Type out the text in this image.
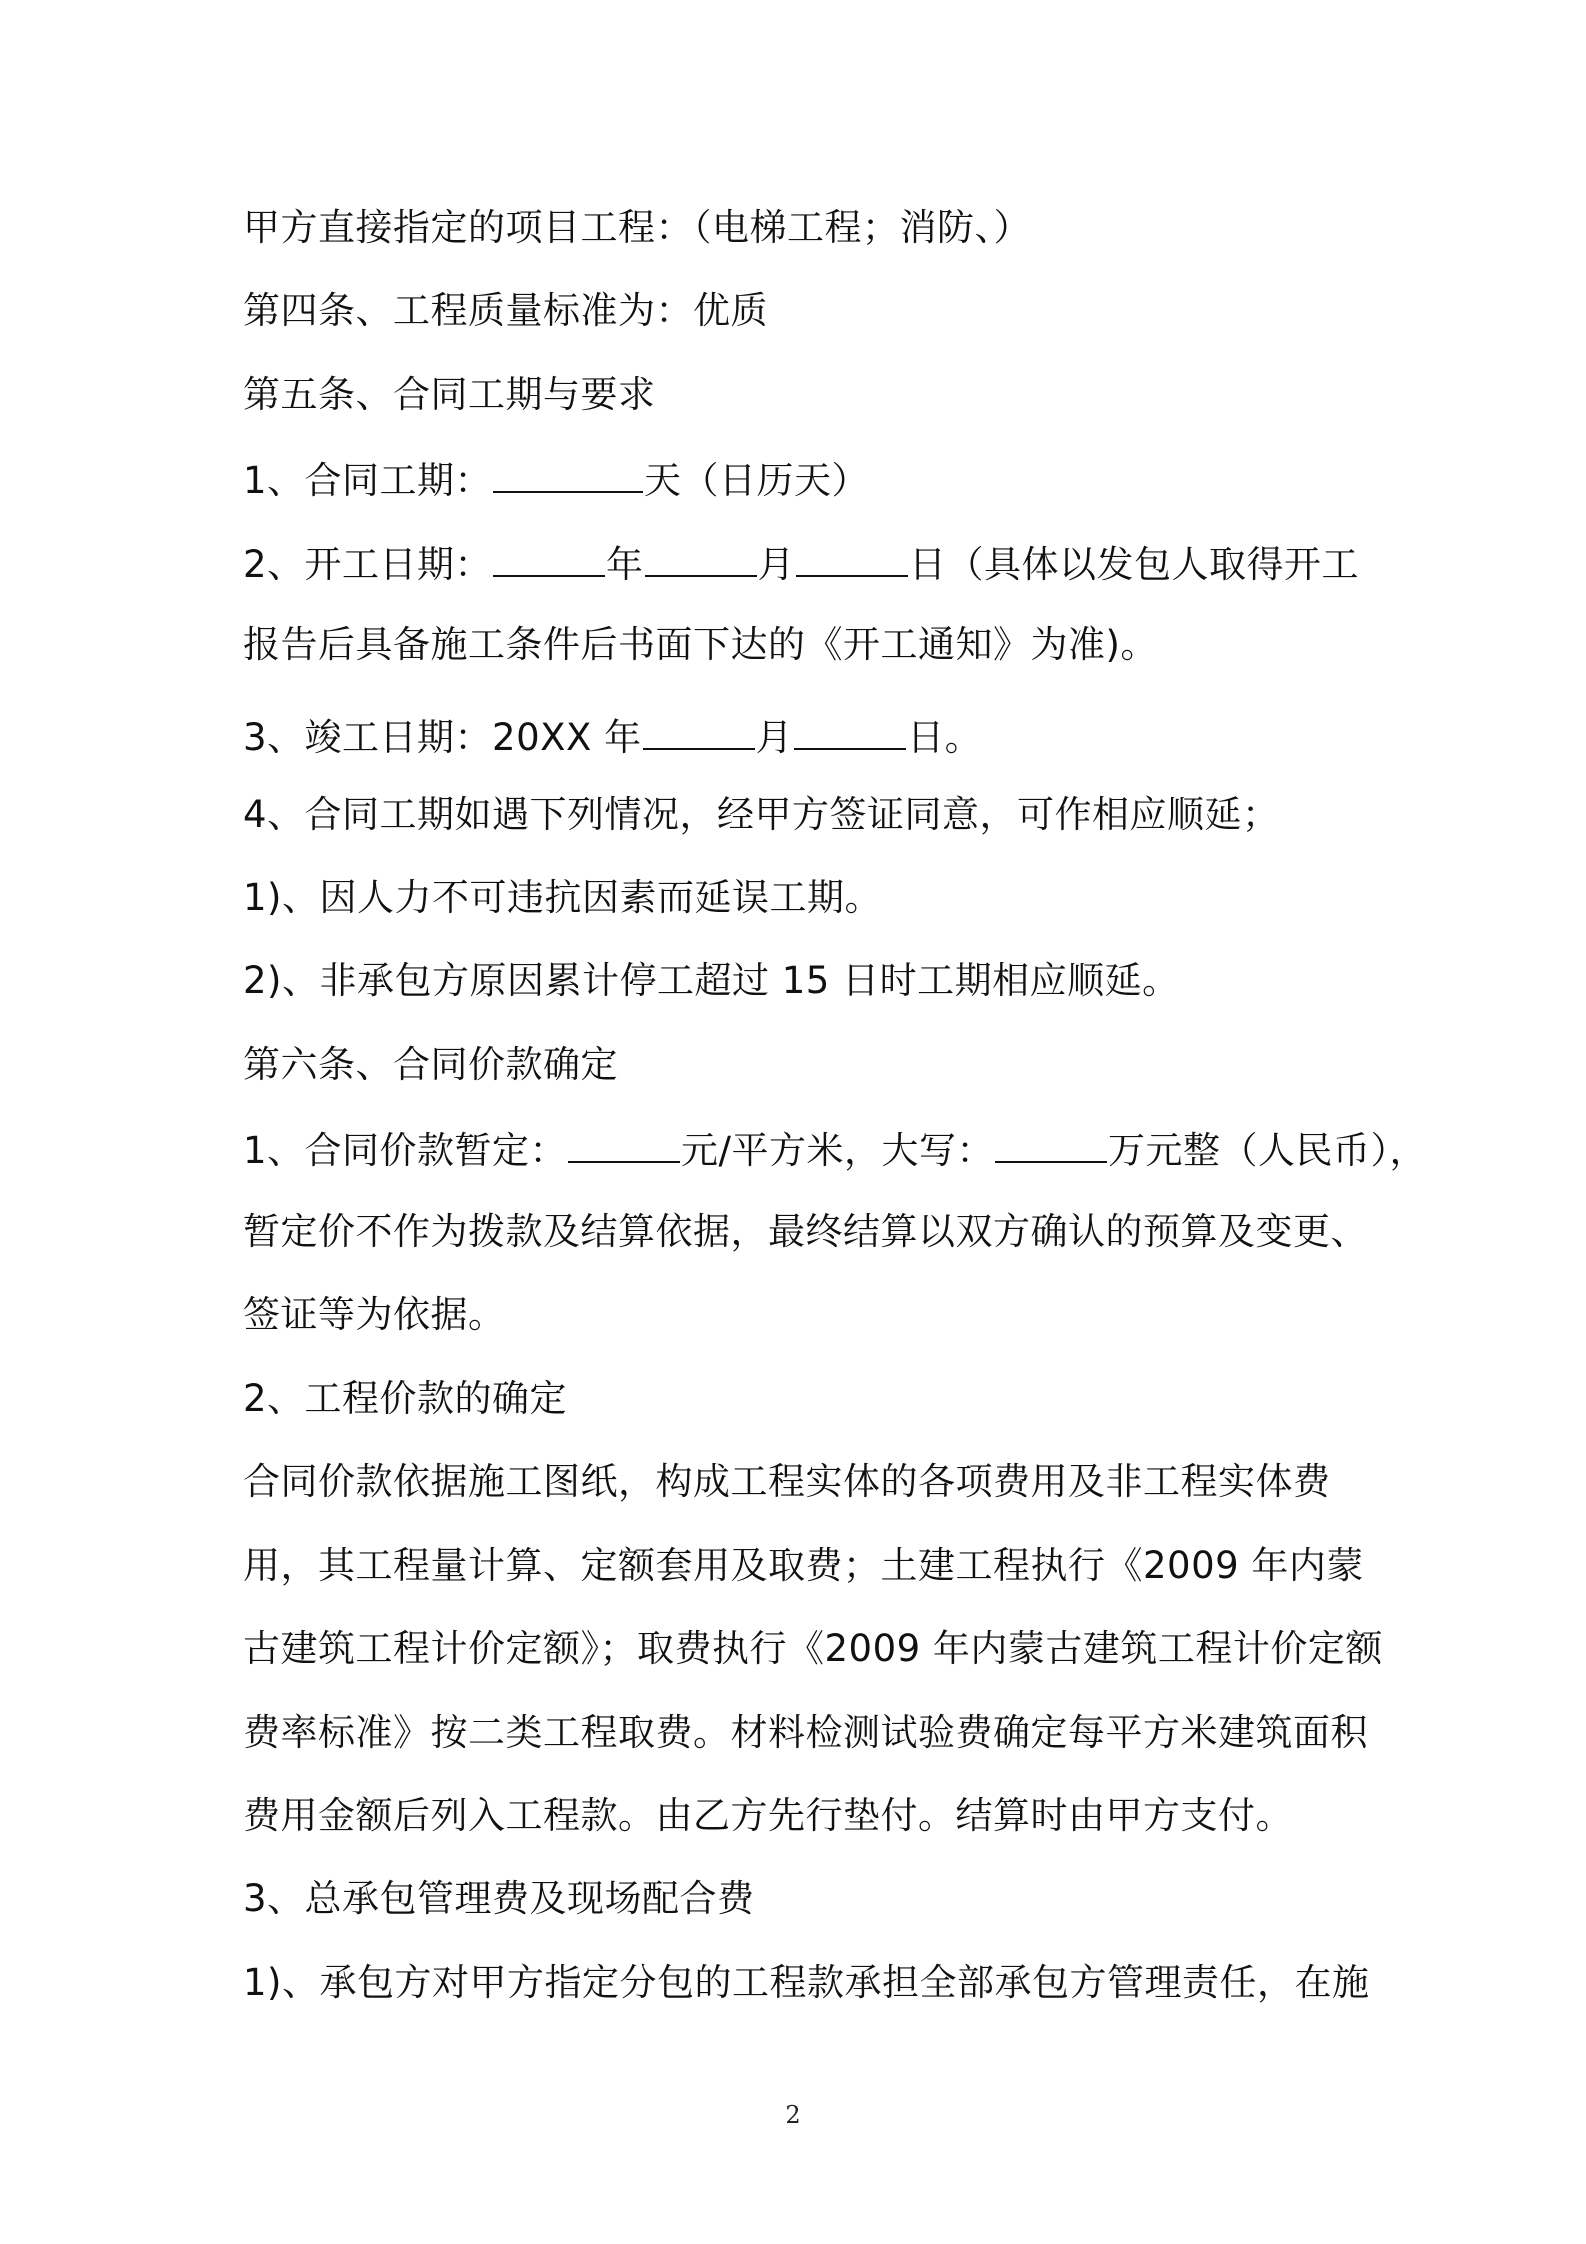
甲方直接指定的项目工程：（电梯工程；消防、）
第四条、工程质量标准为：优质
第五条、合同工期与要求
1、合同工期：	天（日历天）
2、开工日期：	年	月	日（具体以发包人取得开工
报告后具备施工条件后书面下达的《开工通知》为准)。
3、竣工日期：20XX 年	月	日。
4、合同工期如遇下列情况，经甲方签证同意，可作相应顺延；
1)、因人力不可违抗因素而延误工期。
2)、非承包方原因累计停工超过 15 日时工期相应顺延。
第六条、合同价款确定
1、合同价款暂定：	元/平方米，大写：	万元整（人民币），
暂定价不作为拨款及结算依据，最终结算以双方确认的预算及变更、
签证等为依据。
2、工程价款的确定
合同价款依据施工图纸，构成工程实体的各项费用及非工程实体费
用，其工程量计算、定额套用及取费；土建工程执行《2009 年内蒙
古建筑工程计价定额》；取费执行《2009 年内蒙古建筑工程计价定额
费率标准》按二类工程取费。材料检测试验费确定每平方米建筑面积
费用金额后列入工程款。由乙方先行垫付。结算时由甲方支付。
3、总承包管理费及现场配合费
1)、承包方对甲方指定分包的工程款承担全部承包方管理责任，在施
2
